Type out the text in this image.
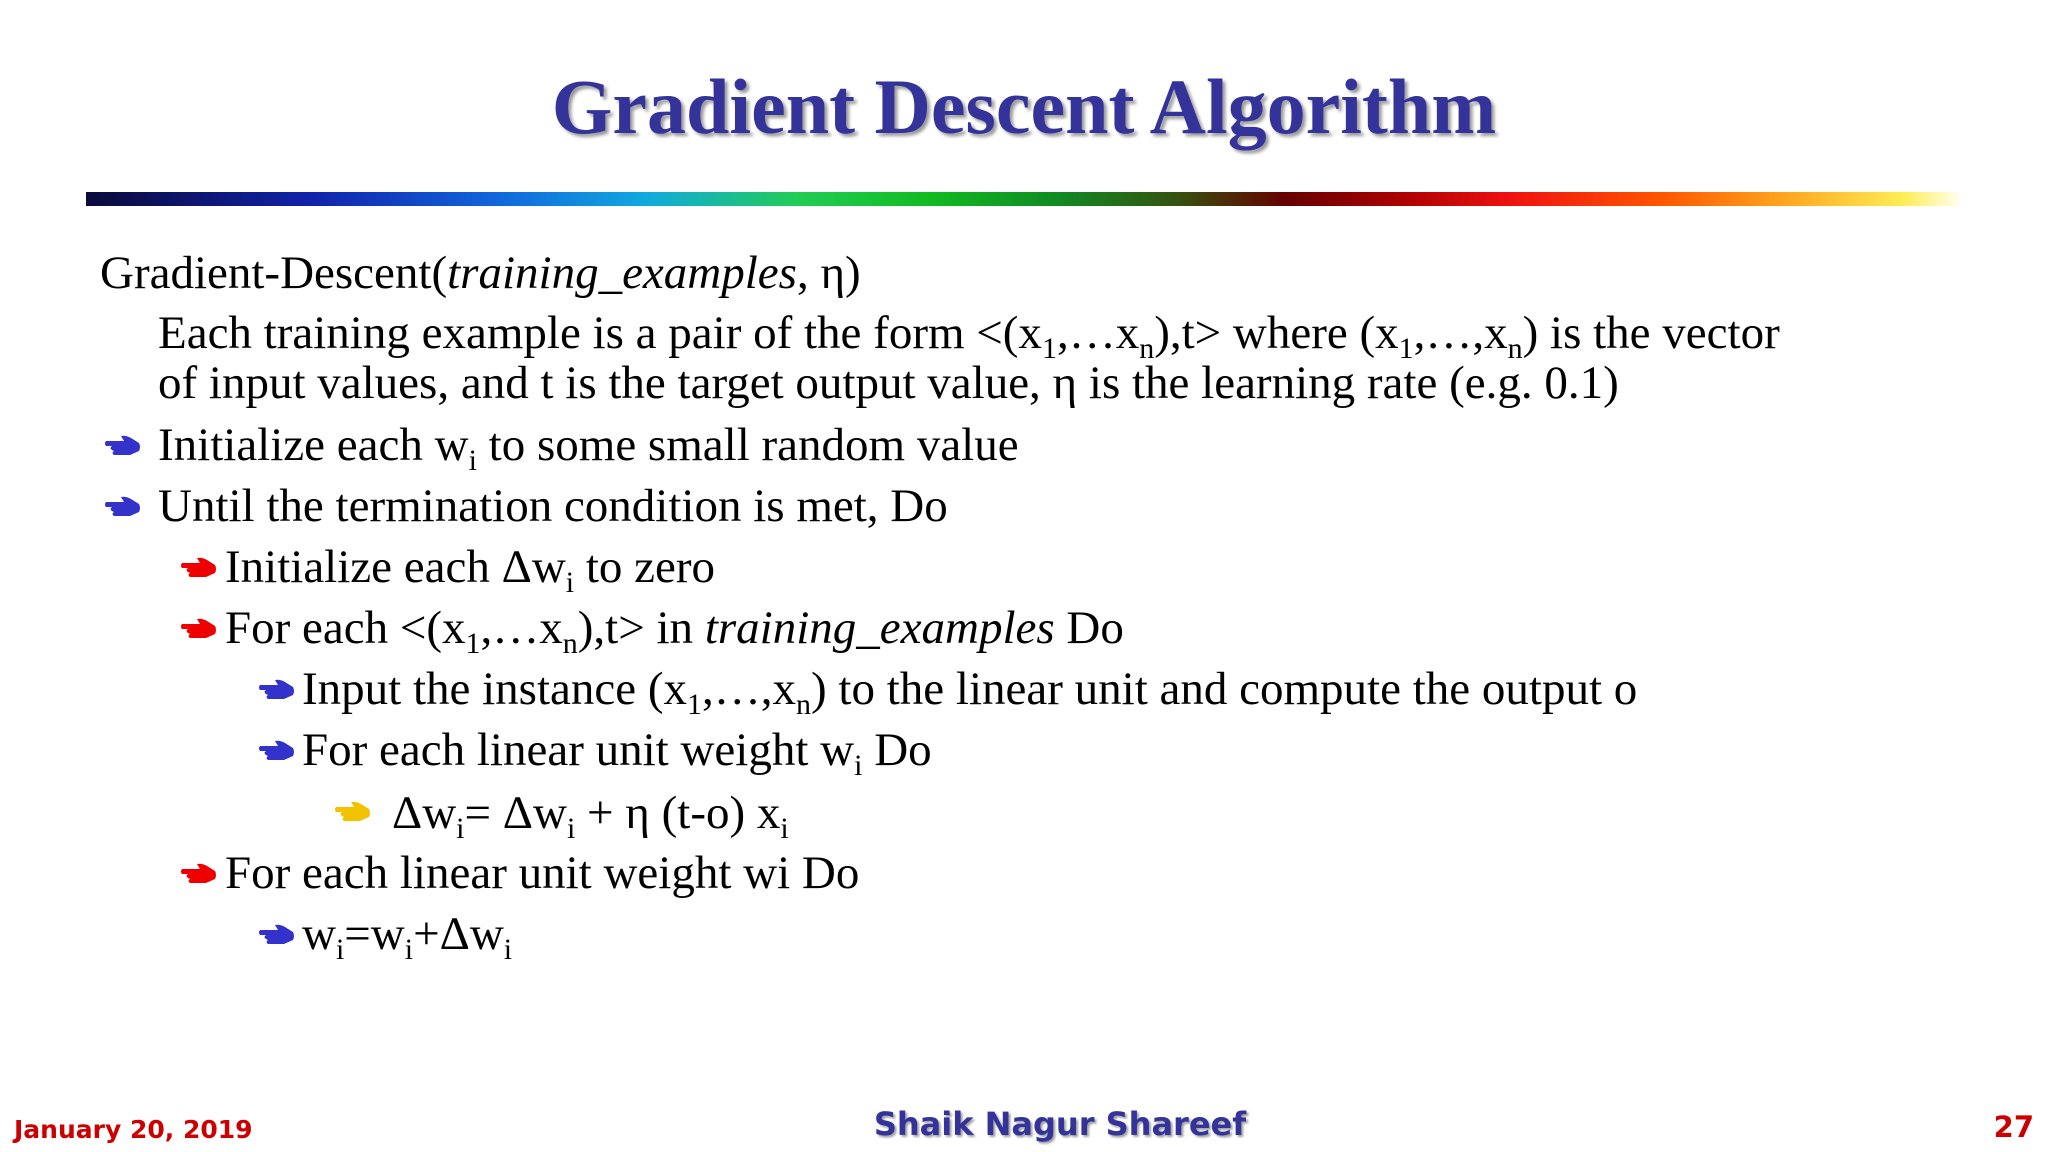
Gradient Descent Algorithm
Gradient-Descent(training_examples, η)
Each training example is a pair of the form $<(x_1,\dots x_n),t>$ where $(x_1,\dots,x_n)$ is the vector
of input values, and t is the target output value, η is the learning rate (e.g. 0.1)
Initialize each $w_i$ to some small random value
Until the termination condition is met, Do
Initialize each $\Delta w_i$ to zero
For each $<(x_1,\dots x_n),t>$ in training_examples Do
Input the instance $(x_1,\dots,x_n)$ to the linear unit and compute the output o
For each linear unit weight $w_i$ Do
$\Delta w_i= \Delta w_i + \eta$ (t-o) $x_i$
For each linear unit weight wi Do
$w_i=w_i+\Delta w_i$
January 20, 2019	Shaik Nagur Shareef	27
